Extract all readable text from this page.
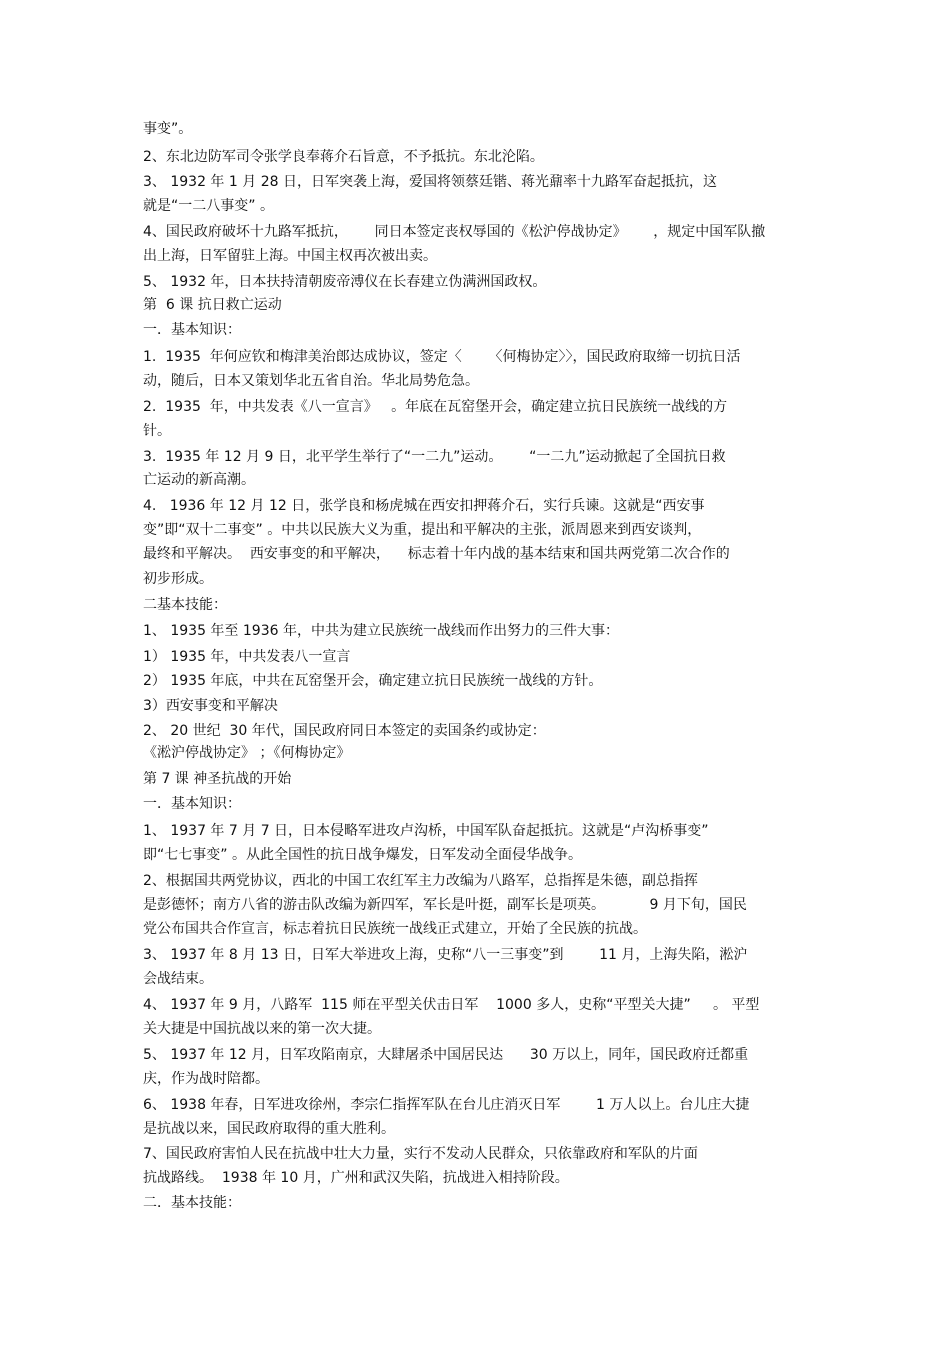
事变”。

2、东北边防军司令张学良奉蒋介石旨意，不予抵抗。东北沦陷。

3、 1932 年 1 月 28 日，日军突袭上海，爱国将领蔡廷锴、蒋光鼐率十九路军奋起抵抗，这

就是“一二八事变” 。

4、国民政府破坏十九路军抵抗，      同日本签定丧权辱国的《松沪停战协定》      ，规定中国军队撤

出上海，日军留驻上海。中国主权再次被出卖。

5、 1932 年，日本扶持清朝废帝溥仪在长春建立伪满洲国政权。

第  6 课 抗日救亡运动

一．基本知识：

1.  1935  年何应钦和梅津美治郎达成协议，签定〈      〈何梅协定〉〉，国民政府取缔一切抗日活

动，随后，日本又策划华北五省自治。华北局势危急。

2.  1935  年，中共发表《八一宣言》   。年底在瓦窑堡开会，确定建立抗日民族统一战线的方

针。

3.  1935 年 12 月 9 日，北平学生举行了“一二九”运动。      “一二九”运动掀起了全国抗日救

亡运动的新高潮。

4.   1936 年 12 月 12 日，张学良和杨虎城在西安扣押蒋介石，实行兵谏。这就是“西安事

变”即“双十二事变” 。中共以民族大义为重，提出和平解决的主张，派周恩来到西安谈判，

最终和平解决。  西安事变的和平解决，    标志着十年内战的基本结束和国共两党第二次合作的

初步形成。

二基本技能：

1、 1935 年至 1936 年，中共为建立民族统一战线而作出努力的三件大事：

1） 1935 年，中共发表八一宣言

2） 1935 年底，中共在瓦窑堡开会，确定建立抗日民族统一战线的方针。

3）西安事变和平解决

2、 20 世纪  30 年代，国民政府同日本签定的卖国条约或协定：

《淞沪停战协定》 ；《何梅协定》

第 7 课 神圣抗战的开始

一．基本知识：

1、 1937 年 7 月 7 日，日本侵略军进攻卢沟桥，中国军队奋起抵抗。这就是“卢沟桥事变”

即“七七事变” 。从此全国性的抗日战争爆发，日军发动全面侵华战争。

2、根据国共两党协议，西北的中国工农红军主力改编为八路军，总指挥是朱德，副总指挥

是彭德怀；南方八省的游击队改编为新四军，军长是叶挺，副军长是项英。          9 月下旬，国民

党公布国共合作宣言，标志着抗日民族统一战线正式建立，开始了全民族的抗战。

3、 1937 年 8 月 13 日，日军大举进攻上海，史称“八一三事变”到        11 月，上海失陷，淞沪

会战结束。

4、 1937 年 9 月，八路军  115 师在平型关伏击日军    1000 多人，史称“平型关大捷”     。 平型

关大捷是中国抗战以来的第一次大捷。

5、 1937 年 12 月，日军攻陷南京，大肆屠杀中国居民达      30 万以上，同年，国民政府迁都重

庆，作为战时陪都。

6、 1938 年春，日军进攻徐州，李宗仁指挥军队在台儿庄消灭日军        1 万人以上。台儿庄大捷

是抗战以来，国民政府取得的重大胜利。

7、国民政府害怕人民在抗战中壮大力量，实行不发动人民群众，只依靠政府和军队的片面

抗战路线。  1938 年 10 月，广州和武汉失陷，抗战进入相持阶段。

二．基本技能：
